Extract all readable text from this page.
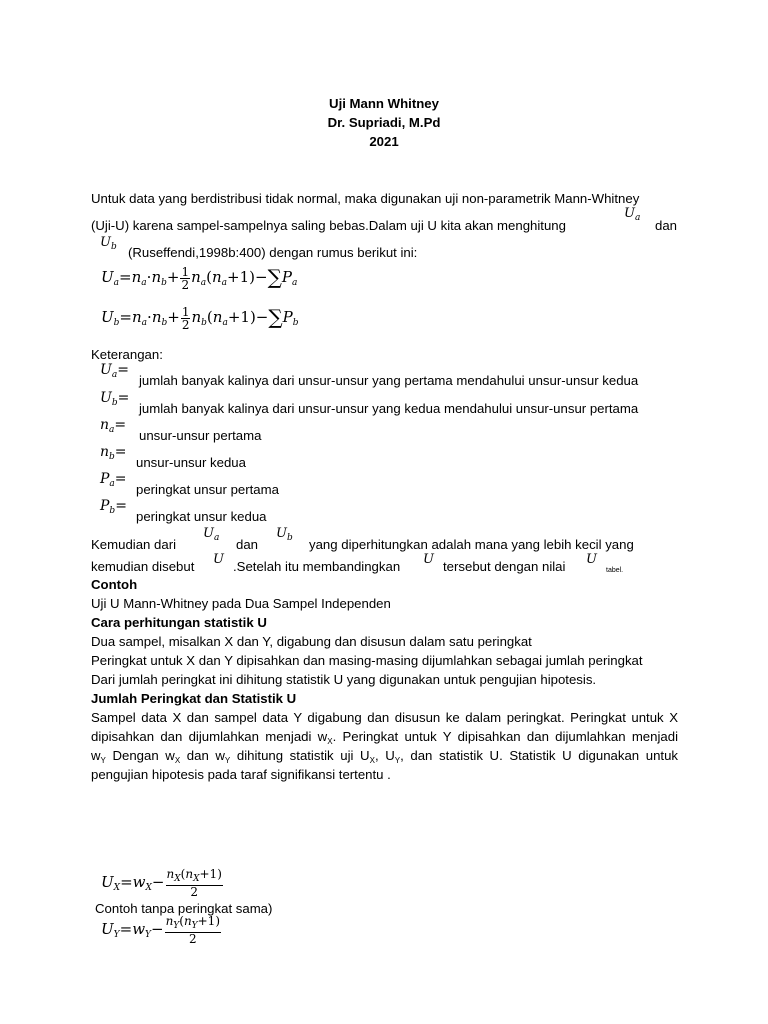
Uji Mann Whitney
Dr. Supriadi, M.Pd
2021
Untuk data yang berdistribusi tidak normal, maka digunakan uji non-parametrik Mann-Whitney
(Uji-U) karena sampel-sampelnya saling bebas.Dalam uji U kita akan menghitung
$U_a$ dan
$U_b$ (Ruseffendi,1998b:400) dengan rumus berikut ini:
$U_a=n_a\cdot n_b+ \frac{1}{2} n_a(n_a+1)-\sum P_a$
$U_b=n_a\cdot n_b+ \frac{1}{2} n_b(n_a+1)-\sum P_b$
Keterangan:
$U_a=$
jumlah banyak kalinya dari unsur-unsur yang pertama mendahului unsur-unsur kedua
$U_b=$
jumlah banyak kalinya dari unsur-unsur yang kedua mendahului unsur-unsur pertama
$n_a=$
unsur-unsur pertama
$n_b=$
unsur-unsur kedua
$P_a=$
peringkat unsur pertama
$P_b=$
peringkat unsur kedua
Kemudian dari
$U_a$ dan
$U_b$ yang diperhitungkan adalah mana yang lebih kecil yang
kemudian disebut U .Setelah itu membandingkan U tersebut dengan nilai U
tabel.
Contoh
Uji U Mann-Whitney pada Dua Sampel Independen
Cara perhitungan statistik U
Dua sampel, misalkan X dan Y, digabung dan disusun dalam satu peringkat
Peringkat untuk X dan Y dipisahkan dan masing-masing dijumlahkan sebagai jumlah peringkat
Dari jumlah peringkat ini dihitung statistik U yang digunakan untuk pengujian hipotesis.
Jumlah Peringkat dan Statistik U
Sampel data X dan sampel data Y digabung dan disusun ke dalam peringkat. Peringkat untuk X
dipisahkan dan dijumlahkan menjadi $w_X$. Peringkat untuk Y dipisahkan dan dijumlahkan menjadi
$w_Y$ Dengan $w_X$ dan $w_Y$ dihitung statistik uji $U_X$, $U_Y$, dan statistik U. Statistik U digunakan untuk
pengujian hipotesis pada taraf signifikansi tertentu .
$U_X=w_X- \frac{n_X(n_X+1)}{2}$
Contoh tanpa peringkat sama)
$U_Y=w_Y- \frac{n_Y(n_Y+1)}{2}$
